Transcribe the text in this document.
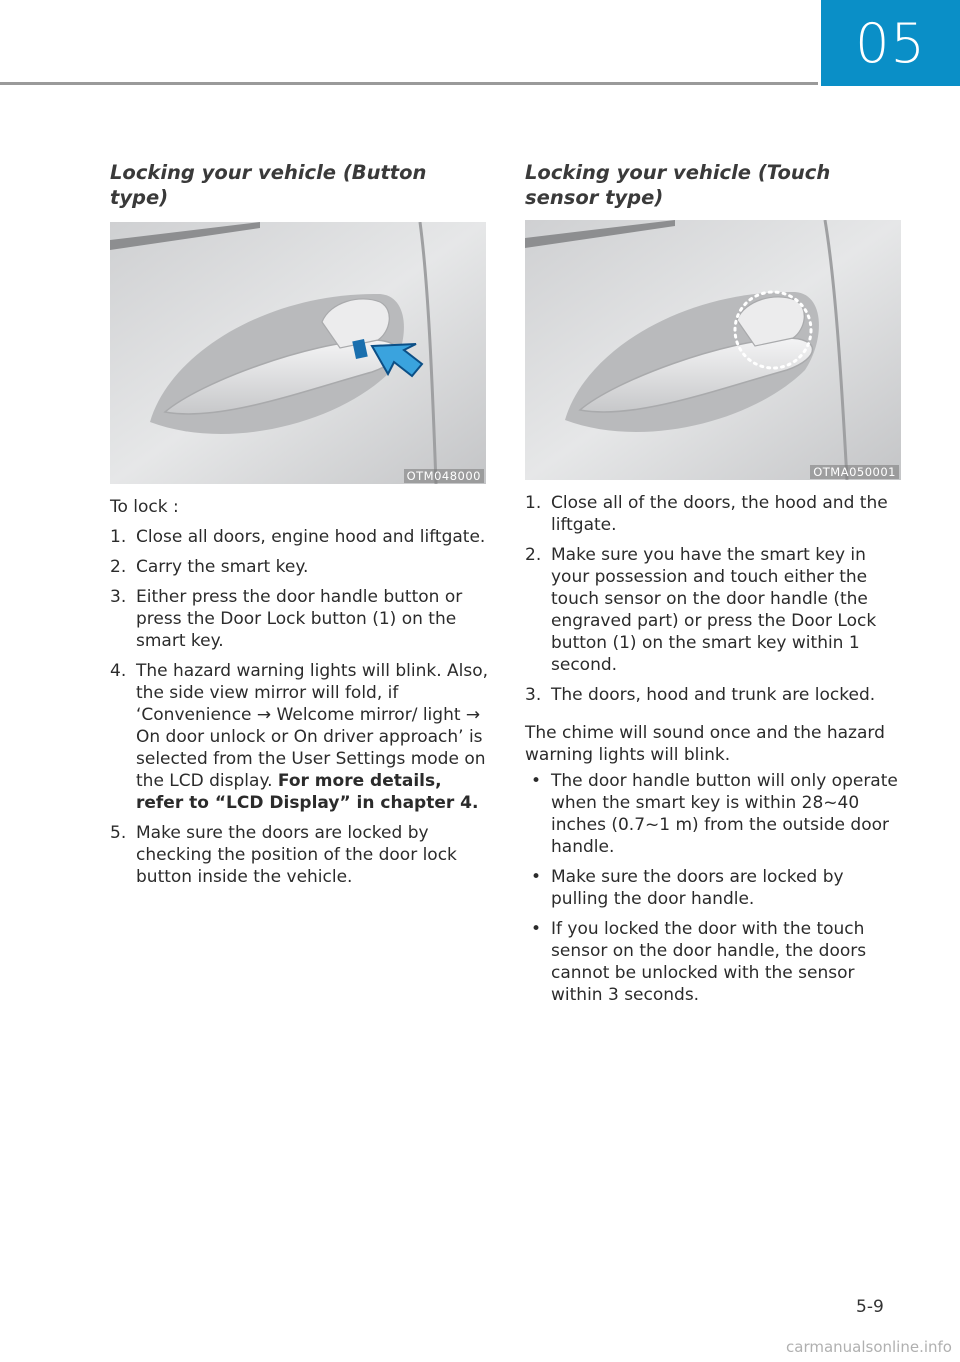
05
Locking your vehicle (Button type)
OTM048000

To lock :

1. Close all doors, engine hood and liftgate.
2. Carry the smart key.
3. Either press the door handle button or press the Door Lock button (1) on the smart key.
4. The hazard warning lights will blink. Also, the side view mirror will fold, if ‘Convenience → Welcome mirror/ light → On door unlock or On driver approach’ is selected from the User Settings mode on the LCD display. For more details, refer to “LCD Display” in chapter 4.
5. Make sure the doors are locked by checking the position of the door lock button inside the vehicle.
Locking your vehicle (Touch sensor type)
OTMA050001
1. Close all of the doors, the hood and the liftgate.
2. Make sure you have the smart key in your possession and touch either the touch sensor on the door handle (the engraved part) or press the Door Lock button (1) on the smart key within 1 second.
3. The doors, hood and trunk are locked.

The chime will sound once and the hazard warning lights will blink.

• The door handle button will only operate when the smart key is within 28~40 inches (0.7~1 m) from the outside door handle.
• Make sure the doors are locked by pulling the door handle.
• If you locked the door with the touch sensor on the door handle, the doors cannot be unlocked with the sensor within 3 seconds.
5-9
carmanualsonline.info
